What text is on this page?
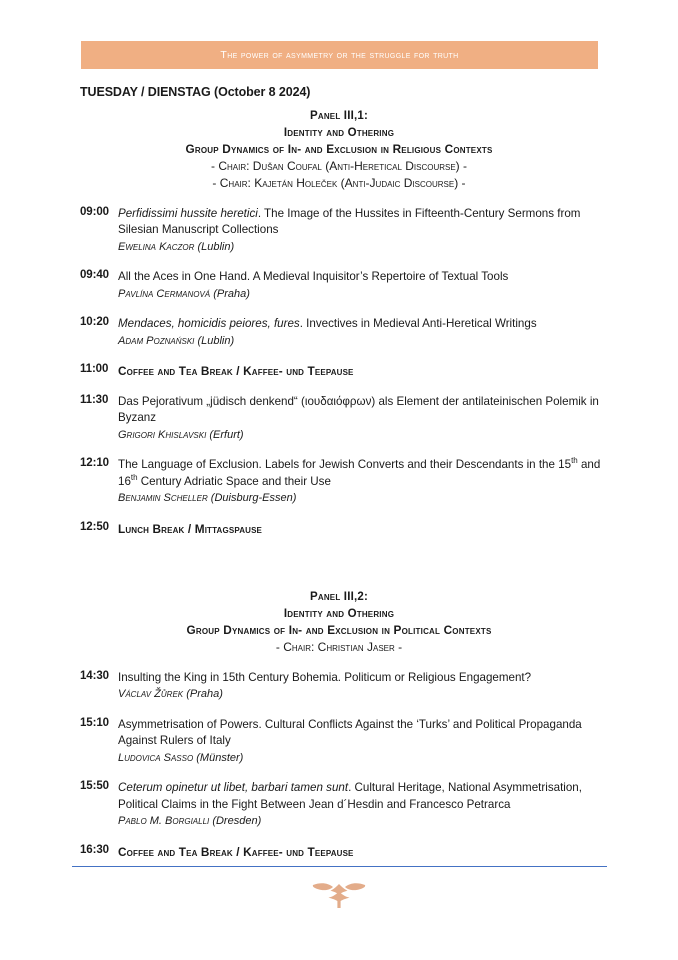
The power of asymmetry or the struggle for truth
TUESDAY / DIENSTAG (October 8 2024)
Panel III,1:
Identity and Othering
Group Dynamics of In- and Exclusion in Religious Contexts
- Chair: Dušan Coufal (Anti-Heretical Discourse) -
- Chair: Kajetán Holeček (Anti-Judaic Discourse) -
09:00 Perfidissimi hussite heretici. The Image of the Hussites in Fifteenth-Century Sermons from Silesian Manuscript Collections
Ewelina Kaczor (Lublin)
09:40 All the Aces in One Hand. A Medieval Inquisitor’s Repertoire of Textual Tools
Pavlína Cermanová (Praha)
10:20 Mendaces, homicidis peiores, fures. Invectives in Medieval Anti-Heretical Writings
Adam Poznański (Lublin)
11:00 Coffee and Tea Break / Kaffee- und Teepause
11:30 Das Pejorativum „jüdisch denkend“ (ιουδαιόφρων) als Element der antilateinischen Polemik in Byzanz
Grigori Khislavski (Erfurt)
12:10 The Language of Exclusion. Labels for Jewish Converts and their Descendants in the 15th and 16th Century Adriatic Space and their Use
Benjamin Scheller (Duisburg-Essen)
12:50 Lunch Break / Mittagspause
Panel III,2:
Identity and Othering
Group Dynamics of In- and Exclusion in Political Contexts
- Chair: Christian Jaser -
14:30 Insulting the King in 15th Century Bohemia. Politicum or Religious Engagement?
Václav Žůrek (Praha)
15:10 Asymmetrisation of Powers. Cultural Conflicts Against the ‘Turks’ and Political Propaganda Against Rulers of Italy
Ludovica Sasso (Münster)
15:50 Ceterum opinetur ut libet, barbari tamen sunt. Cultural Heritage, National Asymmetrisation, Political Claims in the Fight Between Jean d´Hesdin and Francesco Petrarca
Pablo M. Borgialli (Dresden)
16:30 Coffee and Tea Break / Kaffee- und Teepause
